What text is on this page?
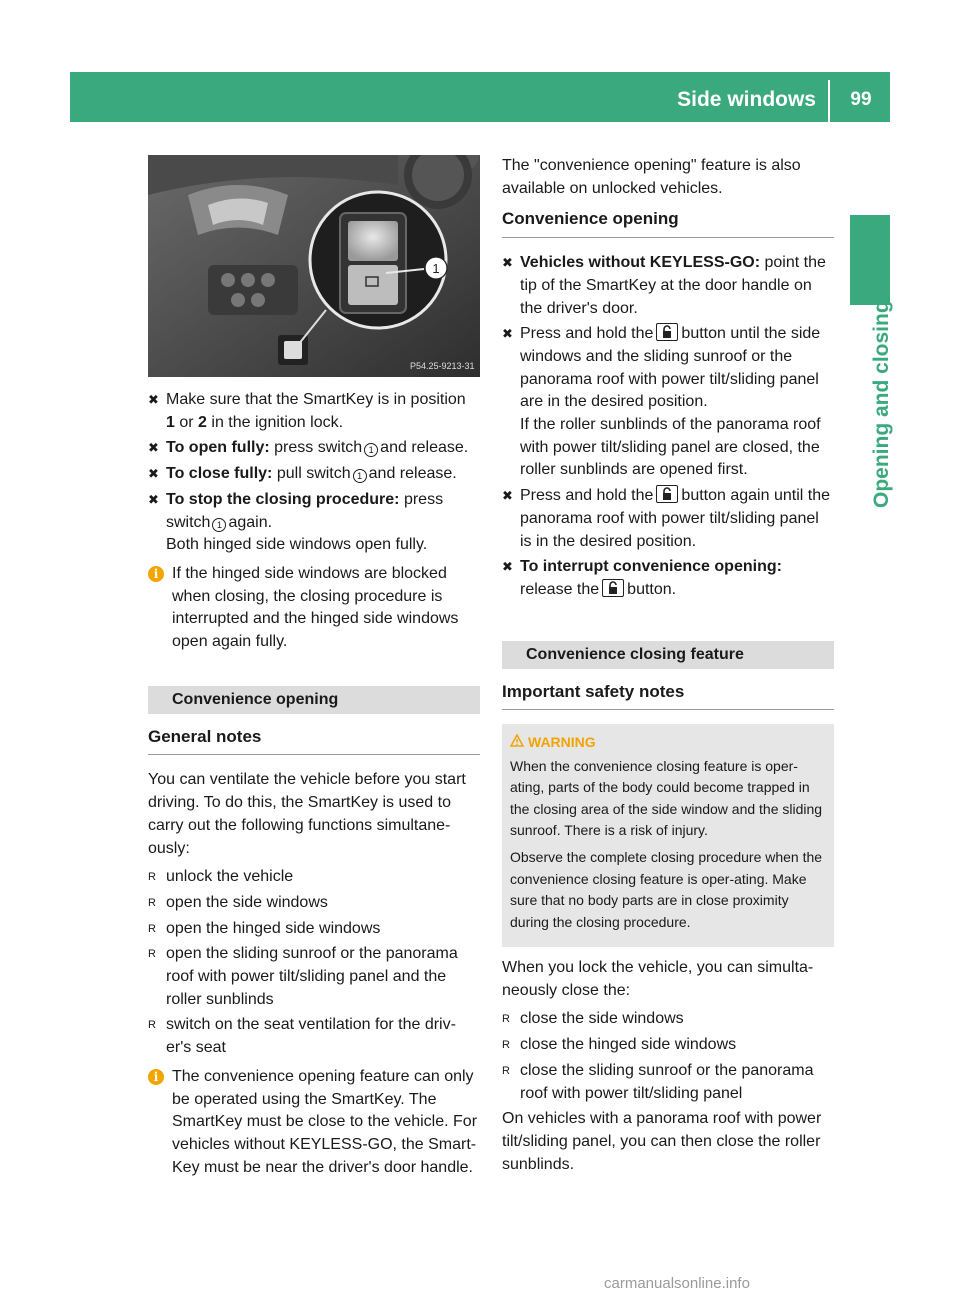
Side windows	99
Opening and closing
1
P54.25-9213-31
✖ Make sure that the SmartKey is in position
1 or 2 in the ignition lock.
✖ To open fully: press switch 1 and release.
✖ To close fully: pull switch 1 and release.
✖ To stop the closing procedure: press switch 1 again.
Both hinged side windows open fully.
i If the hinged side windows are blocked when closing, the closing procedure is interrupted and the hinged side windows open again fully.
Convenience opening
General notes
You can ventilate the vehicle before you start driving. To do this, the SmartKey is used to carry out the following functions simultane-ously:
R unlock the vehicle
R open the side windows
R open the hinged side windows
R open the sliding sunroof or the panorama roof with power tilt/sliding panel and the roller sunblinds
R switch on the seat ventilation for the driv-er's seat
i The convenience opening feature can only be operated using the SmartKey. The SmartKey must be close to the vehicle. For vehicles without KEYLESS-GO, the Smart-Key must be near the driver's door handle.
The "convenience opening" feature is also available on unlocked vehicles.
Convenience opening
✖ Vehicles without KEYLESS-GO: point the tip of the SmartKey at the door handle on the driver's door.
✖ Press and hold the button until the side windows and the sliding sunroof or the panorama roof with power tilt/sliding panel are in the desired position.
If the roller sunblinds of the panorama roof with power tilt/sliding panel are closed, the roller sunblinds are opened first.
✖ Press and hold the button again until the panorama roof with power tilt/sliding panel is in the desired position.
✖ To interrupt convenience opening:
release the button.
Convenience closing feature
Important safety notes
WARNING

When the convenience closing feature is oper-ating, parts of the body could become trapped in the closing area of the side window and the sliding sunroof. There is a risk of injury.

Observe the complete closing procedure when the convenience closing feature is oper-ating. Make sure that no body parts are in close proximity during the closing procedure.

When you lock the vehicle, you can simulta-neously close the:
R close the side windows
R close the hinged side windows
R close the sliding sunroof or the panorama roof with power tilt/sliding panel
On vehicles with a panorama roof with power tilt/sliding panel, you can then close the roller sunblinds.
carmanualsonline.info
